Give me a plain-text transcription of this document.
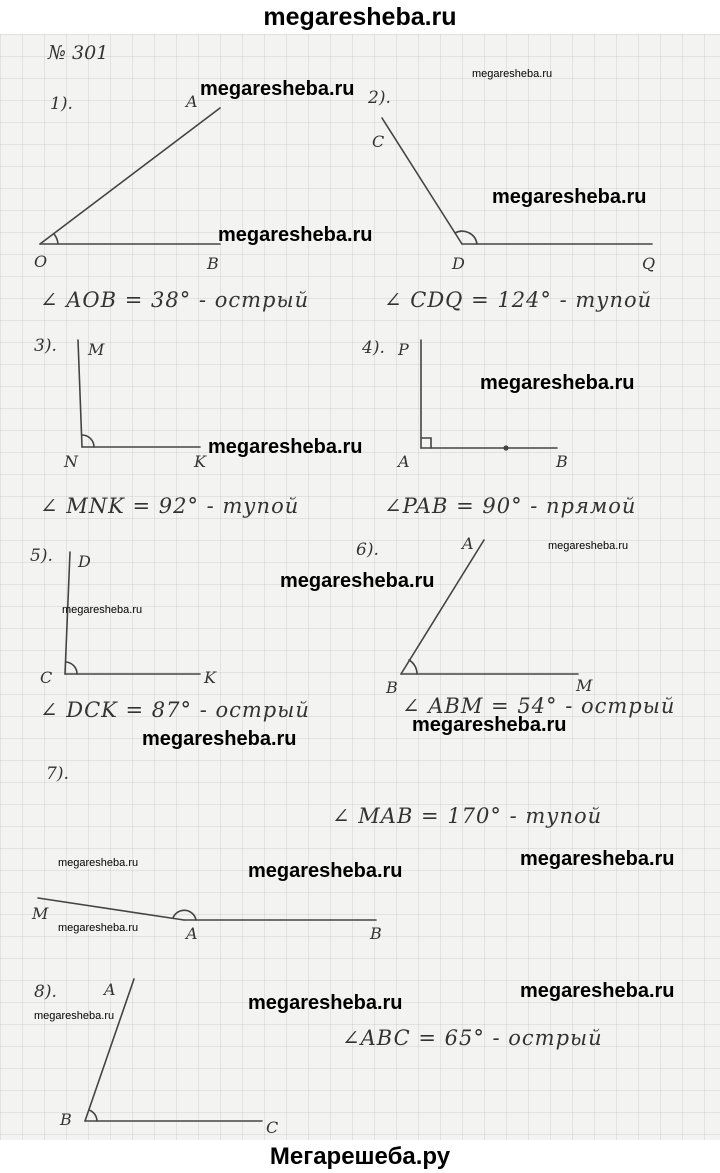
megaresheba.ru
№ 301
1).	A
O	B
∠ AOB = 38° - острый
2).
C
D	Q
∠ CDQ = 124° - тупой
3). M
N	K
∠ MNK = 92° - тупой
4). P
A	B
∠PAB = 90° - прямой
5). D
C	K
∠ DCK = 87° - острый
6).	A
B	M
∠ ABM = 54° - острый
7).
∠ MAB = 170° - тупой
M
A	B
8).	A
∠ABC = 65° - острый
B	C
megaresheba.ru
megaresheba.ru
megaresheba.ru
megaresheba.ru
megaresheba.ru
megaresheba.ru
megaresheba.ru
megaresheba.ru
megaresheba.ru
megaresheba.ru
megaresheba.ru
megaresheba.ru
megaresheba.ru
megaresheba.ru
megaresheba.ru
megaresheba.ru
megaresheba.ru
megaresheba.ru
Мегарешеба.ру
